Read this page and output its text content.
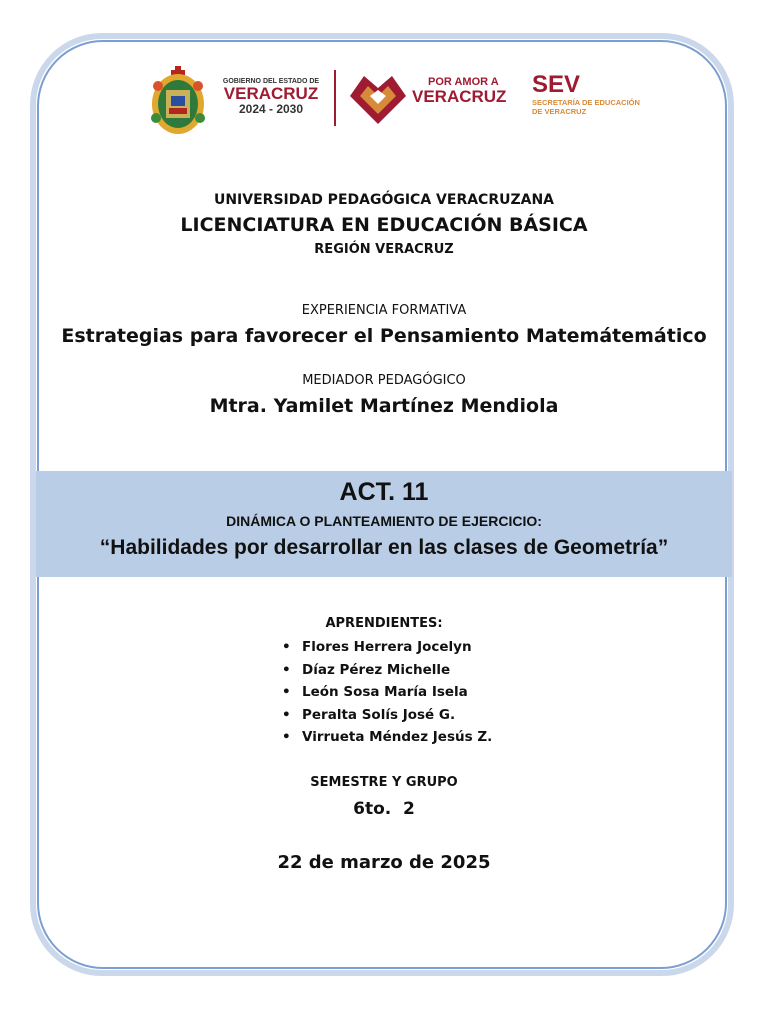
GOBIERNO DEL ESTADO DE
VERACRUZ
2024 - 2030
POR AMOR A
VERACRUZ	SEV
SECRETARÍA DE EDUCACIÓN
DE VERACRUZ
UNIVERSIDAD PEDAGÓGICA VERACRUZANA
LICENCIATURA EN EDUCACIÓN BÁSICA
REGIÓN VERACRUZ
EXPERIENCIA FORMATIVA
Estrategias para favorecer el Pensamiento Matemátemático
MEDIADOR PEDAGÓGICO
Mtra. Yamilet Martínez Mendiola
ACT. 11
DINÁMICA O PLANTEAMIENTO DE EJERCICIO:
“Habilidades por desarrollar en las clases de Geometría”
APRENDIENTES:
• Flores Herrera Jocelyn
• Díaz Pérez Michelle
• León Sosa María Isela
• Peralta Solís José G.
• Virrueta Méndez Jesús Z.
SEMESTRE Y GRUPO
6to.  2
22 de marzo de 2025
